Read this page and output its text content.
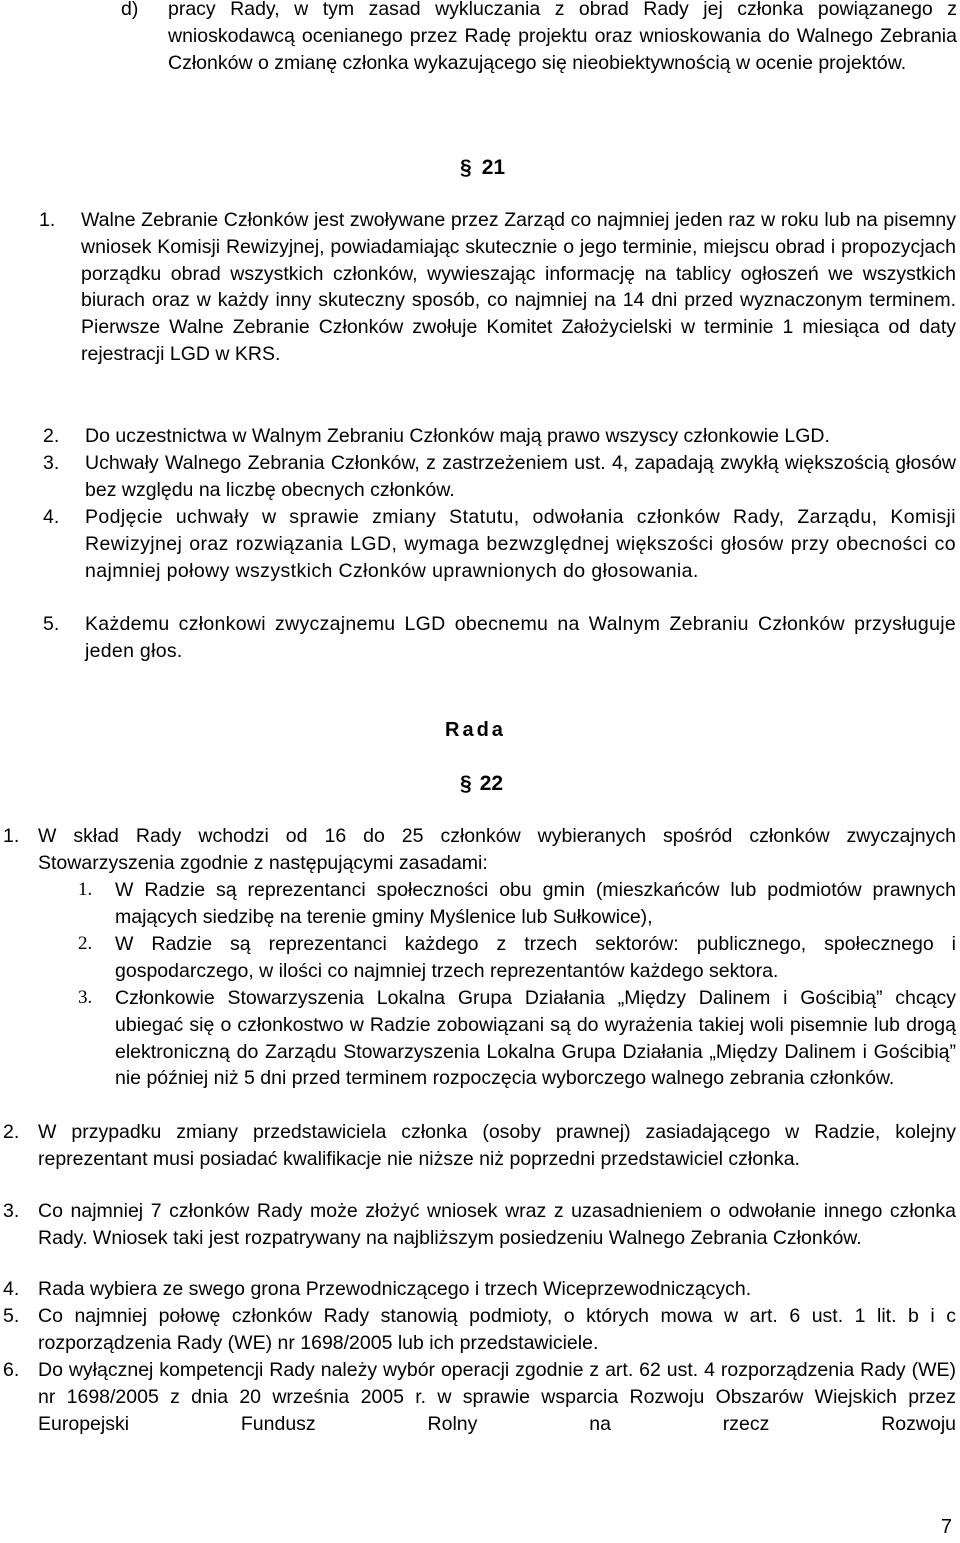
d) pracy Rady, w tym zasad wykluczania z obrad Rady jej członka powiązanego z wnioskodawcą ocenianego przez Radę projektu oraz wnioskowania do Walnego Zebrania Członków o zmianę członka wykazującego się nieobiektywnością w ocenie projektów.
§ 21
1. Walne Zebranie Członków jest zwoływane przez Zarząd co najmniej jeden raz w roku lub na pisemny wniosek Komisji Rewizyjnej, powiadamiając skutecznie o jego terminie, miejscu obrad i propozycjach porządku obrad wszystkich członków, wywieszając informację na tablicy ogłoszeń we wszystkich biurach oraz w każdy inny skuteczny sposób, co najmniej na 14 dni przed wyznaczonym terminem. Pierwsze Walne Zebranie Członków zwołuje Komitet Założycielski w terminie 1 miesiąca od daty rejestracji LGD w KRS.
2. Do uczestnictwa w Walnym Zebraniu Członków mają prawo wszyscy członkowie LGD.
3. Uchwały Walnego Zebrania Członków, z zastrzeżeniem ust. 4, zapadają zwykłą większością głosów bez względu na liczbę obecnych członków.
4. Podjęcie uchwały w sprawie zmiany Statutu, odwołania członków Rady, Zarządu, Komisji Rewizyjnej oraz rozwiązania LGD, wymaga bezwzględnej większości głosów przy obecności co najmniej połowy wszystkich Członków uprawnionych do głosowania.
5. Każdemu członkowi zwyczajnemu LGD obecnemu na Walnym Zebraniu Członków przysługuje jeden głos.
Rada
§ 22
1. W skład Rady wchodzi od 16 do 25 członków wybieranych spośród członków zwyczajnych Stowarzyszenia zgodnie z następującymi zasadami:
1. W Radzie są reprezentanci społeczności obu gmin (mieszkańców lub podmiotów prawnych mających siedzibę na terenie gminy Myślenice lub Sułkowice),
2. W Radzie są reprezentanci każdego z trzech sektorów: publicznego, społecznego i gospodarczego, w ilości co najmniej trzech reprezentantów każdego sektora.
3. Członkowie Stowarzyszenia Lokalna Grupa Działania „Między Dalinem i Gościbią” chcący ubiegać się o członkostwo w Radzie zobowiązani są do wyrażenia takiej woli pisemnie lub drogą elektroniczną do Zarządu Stowarzyszenia Lokalna Grupa Działania „Między Dalinem i Gościbią” nie później niż 5 dni przed terminem rozpoczęcia wyborczego walnego zebrania członków.
2. W przypadku zmiany przedstawiciela członka (osoby prawnej) zasiadającego w Radzie, kolejny reprezentant musi posiadać kwalifikacje nie niższe niż poprzedni przedstawiciel członka.
3. Co najmniej 7 członków Rady może złożyć wniosek wraz z uzasadnieniem o odwołanie innego członka Rady. Wniosek taki jest rozpatrywany na najbliższym posiedzeniu Walnego Zebrania Członków.
4. Rada wybiera ze swego grona Przewodniczącego i trzech Wiceprzewodniczących.
5. Co najmniej połowę członków Rady stanowią podmioty, o których mowa w art. 6 ust. 1 lit. b i c rozporządzenia Rady (WE) nr 1698/2005 lub ich przedstawiciele.
6. Do wyłącznej kompetencji Rady należy wybór operacji zgodnie z art. 62 ust. 4 rozporządzenia Rady (WE) nr 1698/2005 z dnia 20 września 2005 r. w sprawie wsparcia Rozwoju Obszarów Wiejskich przez Europejski Fundusz Rolny na rzecz Rozwoju
7
